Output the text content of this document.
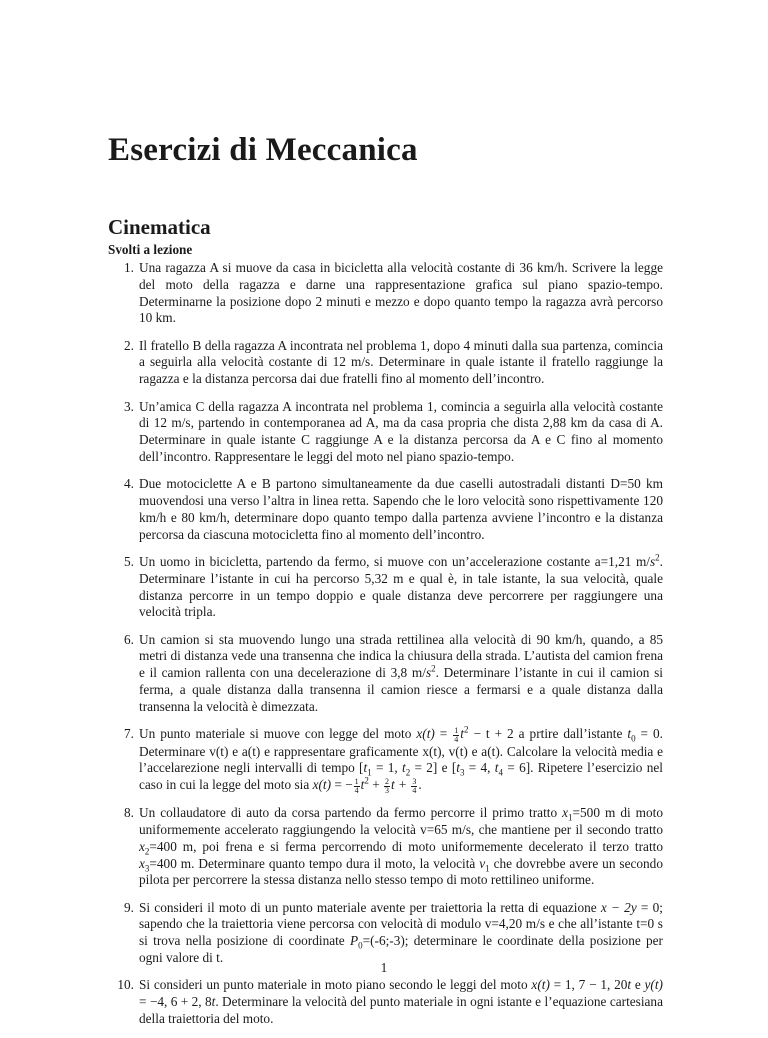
Esercizi di Meccanica
Cinematica
Svolti a lezione
1. Una ragazza A si muove da casa in bicicletta alla velocità costante di 36 km/h. Scrivere la legge del moto della ragazza e darne una rappresentazione grafica sul piano spazio-tempo. Determinarne la posizione dopo 2 minuti e mezzo e dopo quanto tempo la ragazza avrà percorso 10 km.
2. Il fratello B della ragazza A incontrata nel problema 1, dopo 4 minuti dalla sua partenza, comincia a seguirla alla velocità costante di 12 m/s. Determinare in quale istante il fratello raggiunge la ragazza e la distanza percorsa dai due fratelli fino al momento dell’incontro.
3. Un’amica C della ragazza A incontrata nel problema 1, comincia a seguirla alla velocità costante di 12 m/s, partendo in contemporanea ad A, ma da casa propria che dista 2,88 km da casa di A. Determinare in quale istante C raggiunge A e la distanza percorsa da A e C fino al momento dell’incontro. Rappresentare le leggi del moto nel piano spazio-tempo.
4. Due motociclette A e B partono simultaneamente da due caselli autostradali distanti D=50 km muovendosi una verso l’altra in linea retta. Sapendo che le loro velocità sono rispettivamente 120 km/h e 80 km/h, determinare dopo quanto tempo dalla partenza avviene l’incontro e la distanza percorsa da ciascuna motocicletta fino al momento dell’incontro.
5. Un uomo in bicicletta, partendo da fermo, si muove con un’accelerazione costante a=1,21 $m/s^2$. Determinare l’istante in cui ha percorso 5,32 m e qual è, in tale istante, la sua velocità, quale distanza percorre in un tempo doppio e quale distanza deve percorrere per raggiungere una velocità tripla.
6. Un camion si sta muovendo lungo una strada rettilinea alla velocità di 90 km/h, quando, a 85 metri di distanza vede una transenna che indica la chiusura della strada. L’autista del camion frena e il camion rallenta con una decelerazione di 3,8 $m/s^2$. Determinare l’istante in cui il camion si ferma, a quale distanza dalla transenna il camion riesce a fermarsi e a quale distanza dalla transenna la velocità è dimezzata.
7. Un punto materiale si muove con legge del moto $x(t) = \frac{1}{4} t^2 - t + 2$ a prtire dall’istante $t_0 = 0$. Determinare v(t) e a(t) e rappresentare graficamente x(t), v(t) e a(t). Calcolare la velocità media e l’accelarezione negli intervalli di tempo [$t_1 = 1$, $t_2 = 2$] e [$t_3 = 4$, $t_4 = 6$]. Ripetere l’esercizio nel caso in cui la legge del moto sia x(t) = − $\frac{1}{4} t^2 + \frac{2}{3}$ $t + \frac{3}{4}$ .
8. Un collaudatore di auto da corsa partendo da fermo percorre il primo tratto $x_1=500$ m di moto uniformemente accelerato raggiungendo la velocità v=65 m/s, che mantiene per il secondo tratto $x_2=400$ m, poi frena e si ferma percorrendo di moto uniformemente decelerato il terzo tratto $x_3=400$ m. Determinare quanto tempo dura il moto, la velocità $v_1$ che dovrebbe avere un secondo pilota per percorrere la stessa distanza nello stesso tempo di moto rettilineo uniforme.
9. Si consideri il moto di un punto materiale avente per traiettoria la retta di equazione x − 2y = 0; sapendo che la traiettoria viene percorsa con velocità di modulo v=4,20 m/s e che all’istante t=0 s si trova nella posizione di coordinate $P_0=(-6;-3)$; determinare le coordinate della posizione per ogni valore di t.
10. Si consideri un punto materiale in moto piano secondo le leggi del moto x(t) = 1, 7 − 1, 20t e y(t) = −4, 6 + 2, 8t. Determinare la velocità del punto materiale in ogni istante e l’equazione cartesiana della traiettoria del moto.
1
